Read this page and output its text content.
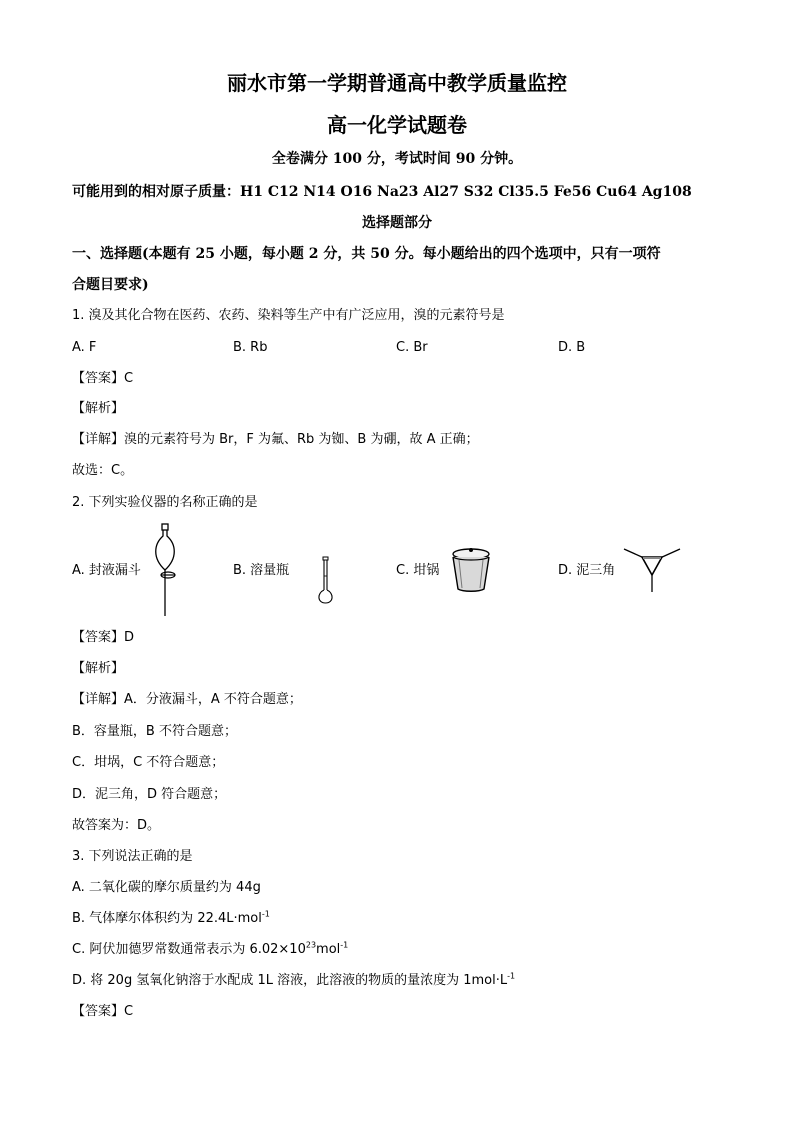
丽水市第一学期普通高中教学质量监控
高一化学试题卷
全卷满分 100 分，考试时间 90 分钟。
可能用到的相对原子质量：H1 C12 N14 O16 Na23 Al27 S32 Cl35.5 Fe56 Cu64 Ag108
选择题部分
一、选择题(本题有 25 小题，每小题 2 分，共 50 分。每小题给出的四个选项中，只有一项符
合题目要求)
1. 溴及其化合物在医药、农药、染料等生产中有广泛应用，溴的元素符号是
A. F	B. Rb	C. Br	D. B
【答案】C
【解析】
【详解】溴的元素符号为 Br，F 为氟、Rb 为铷、B 为硼，故 A 正确；
故选：C。
2. 下列实验仪器的名称正确的是
A. 封液漏斗	B. 溶量瓶	C. 坩锅	D. 泥三角
【答案】D
【解析】
【详解】A．分液漏斗，A 不符合题意；
B．容量瓶，B 不符合题意；
C．坩埚，C 不符合题意；
D．泥三角，D 符合题意；
故答案为：D。
3. 下列说法正确的是
A. 二氧化碳的摩尔质量约为 44g
B. 气体摩尔体积约为 22.4L·mol$^{-1}$
C. 阿伏加德罗常数通常表示为 $6.02\times 10^{23}mol^{-1}$
D. 将 20g 氢氧化钠溶于水配成 1L 溶液，此溶液的物质的量浓度为 $1mol\cdot L^{-1}$
【答案】C
